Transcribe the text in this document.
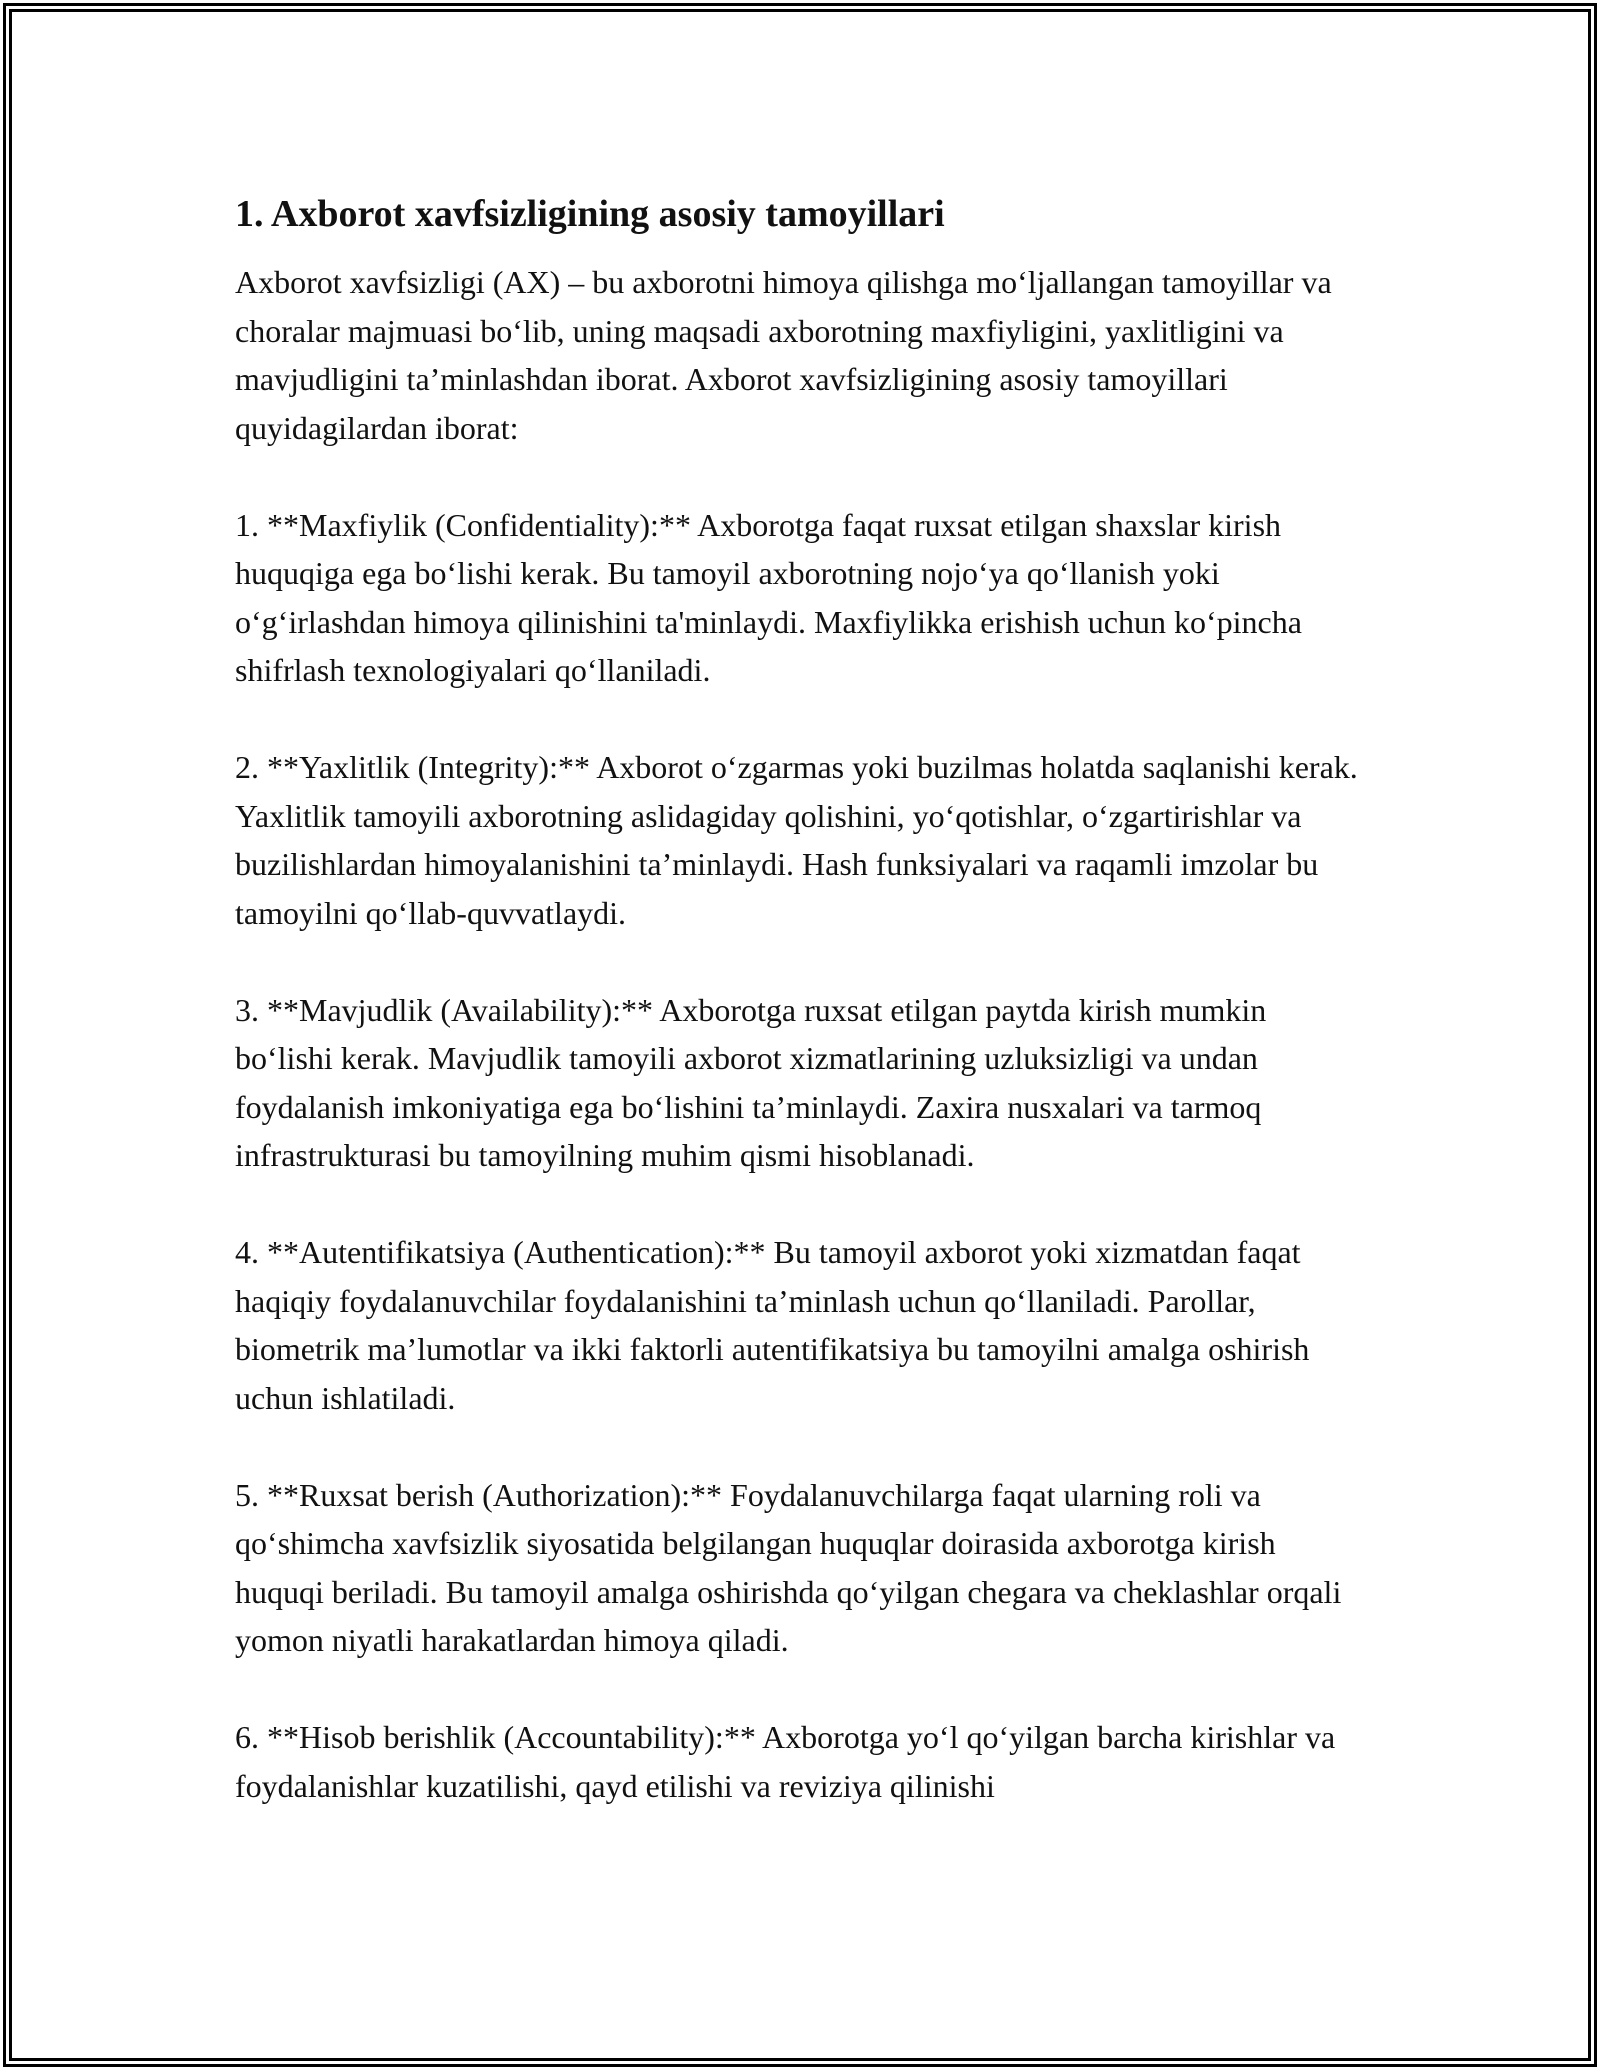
1. Axborot xavfsizligining asosiy tamoyillari

Axborot xavfsizligi (AX) – bu axborotni himoya qilishga mo‘ljallangan tamoyillar va choralar majmuasi bo‘lib, uning maqsadi axborotning maxfiyligini, yaxlitligini va mavjudligini ta’minlashdan iborat. Axborot xavfsizligining asosiy tamoyillari quyidagilardan iborat:

1. **Maxfiylik (Confidentiality):** Axborotga faqat ruxsat etilgan shaxslar kirish huquqiga ega bo‘lishi kerak. Bu tamoyil axborotning nojo‘ya qo‘llanish yoki o‘g‘irlashdan himoya qilinishini ta'minlaydi. Maxfiylikka erishish uchun ko‘pincha shifrlash texnologiyalari qo‘llaniladi.

2. **Yaxlitlik (Integrity):** Axborot o‘zgarmas yoki buzilmas holatda saqlanishi kerak. Yaxlitlik tamoyili axborotning aslidagiday qolishini, yo‘qotishlar, o‘zgartirishlar va buzilishlardan himoyalanishini ta’minlaydi. Hash funksiyalari va raqamli imzolar bu tamoyilni qo‘llab-quvvatlaydi.

3. **Mavjudlik (Availability):** Axborotga ruxsat etilgan paytda kirish mumkin bo‘lishi kerak. Mavjudlik tamoyili axborot xizmatlarining uzluksizligi va undan foydalanish imkoniyatiga ega bo‘lishini ta’minlaydi. Zaxira nusxalari va tarmoq infrastrukturasi bu tamoyilning muhim qismi hisoblanadi.

4. **Autentifikatsiya (Authentication):** Bu tamoyil axborot yoki xizmatdan faqat haqiqiy foydalanuvchilar foydalanishini ta’minlash uchun qo‘llaniladi. Parollar, biometrik ma’lumotlar va ikki faktorli autentifikatsiya bu tamoyilni amalga oshirish uchun ishlatiladi.

5. **Ruxsat berish (Authorization):** Foydalanuvchilarga faqat ularning roli va qo‘shimcha xavfsizlik siyosatida belgilangan huquqlar doirasida axborotga kirish huquqi beriladi. Bu tamoyil amalga oshirishda qo‘yilgan chegara va cheklashlar orqali yomon niyatli harakatlardan himoya qiladi.

6. **Hisob berishlik (Accountability):** Axborotga yo‘l qo‘yilgan barcha kirishlar va foydalanishlar kuzatilishi, qayd etilishi va reviziya qilinishi
